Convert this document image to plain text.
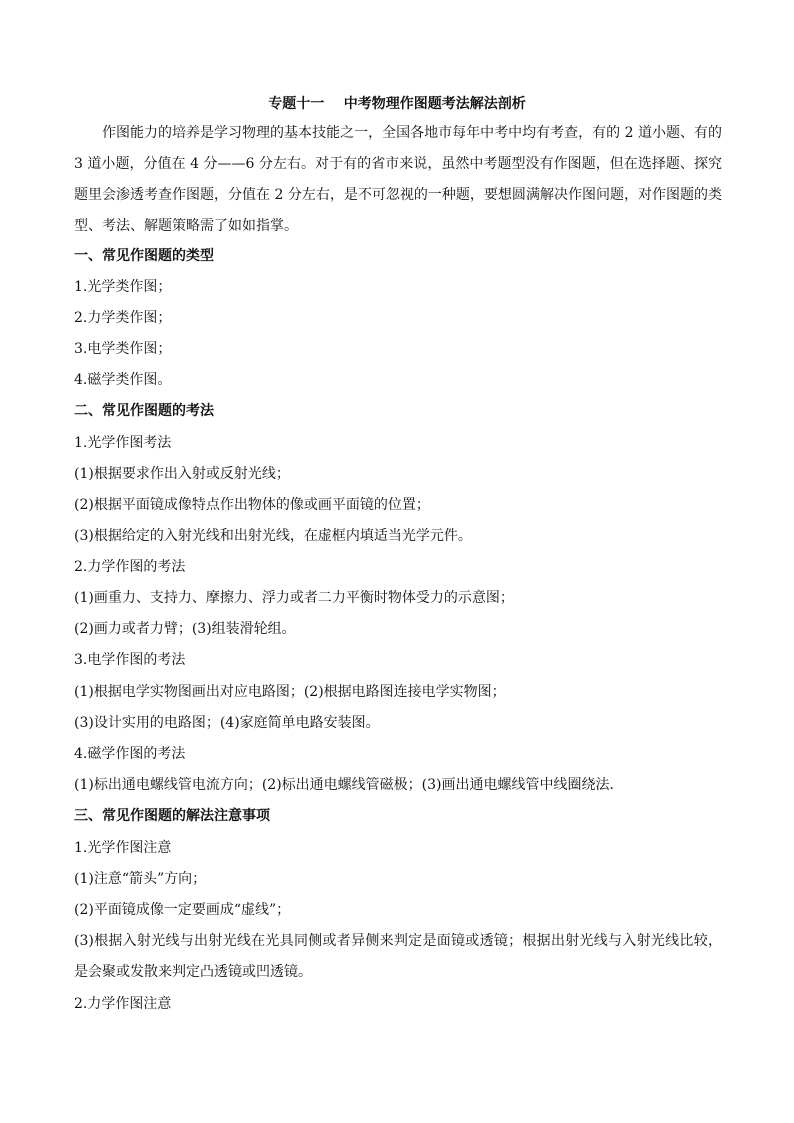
专题十一    中考物理作图题考法解法剖析

作图能力的培养是学习物理的基本技能之一，全国各地市每年中考中均有考查，有的 2 道小题、有的 3 道小题，分值在 4 分——6 分左右。对于有的省市来说，虽然中考题型没有作图题，但在选择题、探究题里会渗透考查作图题，分值在 2 分左右，是不可忽视的一种题，要想圆满解决作图问题，对作图题的类型、考法、解题策略需了如如指掌。

一、常见作图题的类型

1.光学类作图；

2.力学类作图；

3.电学类作图；

4.磁学类作图。

二、常见作图题的考法

1.光学作图考法

(1)根据要求作出入射或反射光线；

(2)根据平面镜成像特点作出物体的像或画平面镜的位置；

(3)根据给定的入射光线和出射光线，在虚框内填适当光学元件。

2.力学作图的考法

(1)画重力、支持力、摩擦力、浮力或者二力平衡时物体受力的示意图；

(2)画力或者力臂；(3)组装滑轮组。

3.电学作图的考法

(1)根据电学实物图画出对应电路图；(2)根据电路图连接电学实物图；

(3)设计实用的电路图；(4)家庭简单电路安装图。

4.磁学作图的考法

(1)标出通电螺线管电流方向；(2)标出通电螺线管磁极；(3)画出通电螺线管中线圈绕法．

三、常见作图题的解法注意事项

1.光学作图注意

(1)注意“箭头”方向；

(2)平面镜成像一定要画成“虚线”；

(3)根据入射光线与出射光线在光具同侧或者异侧来判定是面镜或透镜；根据出射光线与入射光线比较，是会聚或发散来判定凸透镜或凹透镜。

2.力学作图注意
